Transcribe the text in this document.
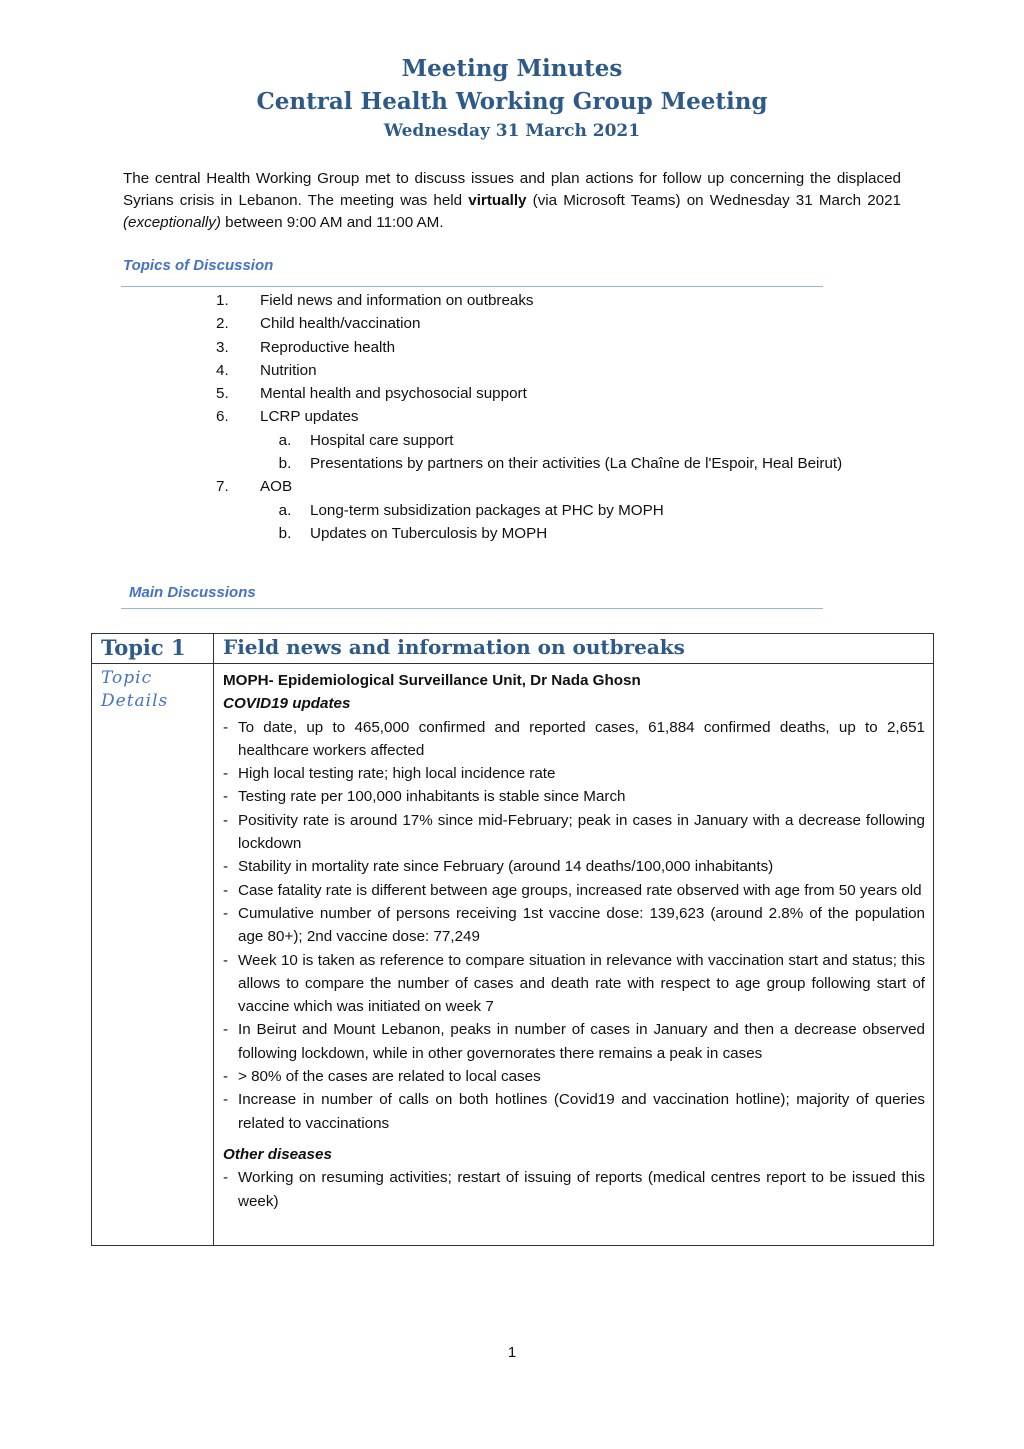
Meeting Minutes
Central Health Working Group Meeting
Wednesday 31 March 2021
The central Health Working Group met to discuss issues and plan actions for follow up concerning the displaced Syrians crisis in Lebanon. The meeting was held virtually (via Microsoft Teams) on Wednesday 31 March 2021 (exceptionally) between 9:00 AM and 11:00 AM.
Topics of Discussion
1.	Field news and information on outbreaks
2.	Child health/vaccination
3.	Reproductive health
4.	Nutrition
5.	Mental health and psychosocial support
6.	LCRP updates
a.	Hospital care support
b.	Presentations by partners on their activities (La Chaîne de l'Espoir, Heal Beirut)
7.	AOB
a.	Long-term subsidization packages at PHC by MOPH
b.	Updates on Tuberculosis by MOPH
Main Discussions
Topic 1 Field news and information on outbreaks
Topic Details
MOPH- Epidemiological Surveillance Unit, Dr Nada Ghosn
COVID19 updates
- To date, up to 465,000 confirmed and reported cases, 61,884 confirmed deaths, up to 2,651 healthcare workers affected
- High local testing rate; high local incidence rate
- Testing rate per 100,000 inhabitants is stable since March
- Positivity rate is around 17% since mid-February; peak in cases in January with a decrease following lockdown
- Stability in mortality rate since February (around 14 deaths/100,000 inhabitants)
- Case fatality rate is different between age groups, increased rate observed with age from 50 years old
- Cumulative number of persons receiving 1st vaccine dose: 139,623 (around 2.8% of the population age 80+); 2nd vaccine dose: 77,249
- Week 10 is taken as reference to compare situation in relevance with vaccination start and status; this allows to compare the number of cases and death rate with respect to age group following start of vaccine which was initiated on week 7
- In Beirut and Mount Lebanon, peaks in number of cases in January and then a decrease observed following lockdown, while in other governorates there remains a peak in cases
- > 80% of the cases are related to local cases
- Increase in number of calls on both hotlines (Covid19 and vaccination hotline); majority of queries related to vaccinations
Other diseases
- Working on resuming activities; restart of issuing of reports (medical centres report to be issued this week)
1
